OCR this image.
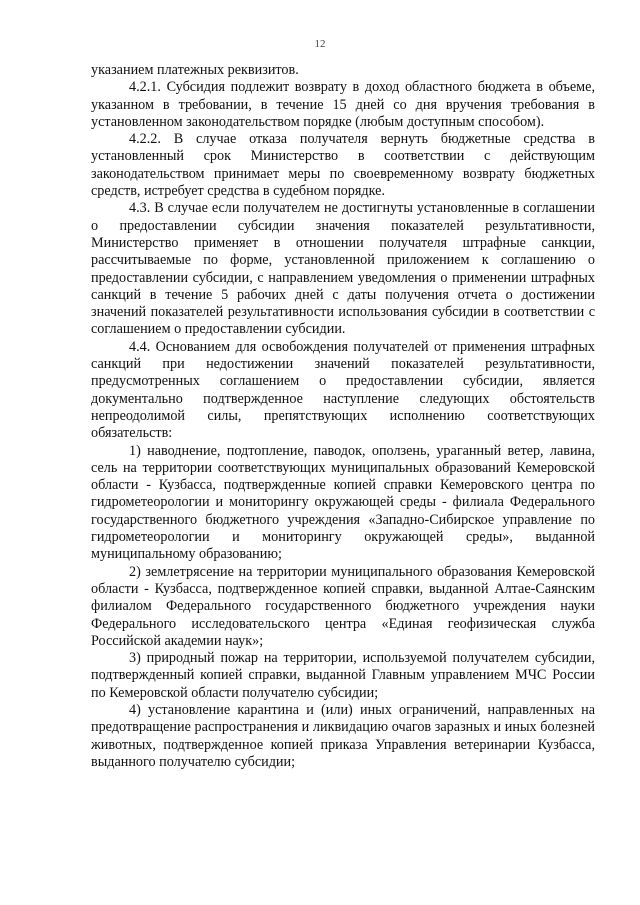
12

указанием платежных реквизитов.

4.2.1. Субсидия подлежит возврату в доход областного бюджета в объеме, указанном в требовании, в течение 15 дней со дня вручения требования в установленном законодательством порядке (любым доступным способом).

4.2.2. В случае отказа получателя вернуть бюджетные средства в установленный срок Министерство в соответствии с действующим законодательством принимает меры по своевременному возврату бюджетных средств, истребует средства в судебном порядке.

4.3. В случае если получателем не достигнуты установленные в соглашении о предоставлении субсидии значения показателей результативности, Министерство применяет в отношении получателя штрафные санкции, рассчитываемые по форме, установленной приложением к соглашению о предоставлении субсидии, с направлением уведомления о применении штрафных санкций в течение 5 рабочих дней с даты получения отчета о достижении значений показателей результативности использования субсидии в соответствии с соглашением о предоставлении субсидии.

4.4. Основанием для освобождения получателей от применения штрафных санкций при недостижении значений показателей результативности, предусмотренных соглашением о предоставлении субсидии, является документально подтвержденное наступление следующих обстоятельств непреодолимой силы, препятствующих исполнению соответствующих обязательств:

1) наводнение, подтопление, паводок, оползень, ураганный ветер, лавина, сель на территории соответствующих муниципальных образований Кемеровской области - Кузбасса, подтвержденные копией справки Кемеровского центра по гидрометеорологии и мониторингу окружающей среды - филиала Федерального государственного бюджетного учреждения «Западно-Сибирское управление по гидрометеорологии и мониторингу окружающей среды», выданной муниципальному образованию;

2) землетрясение на территории муниципального образования Кемеровской области - Кузбасса, подтвержденное копией справки, выданной Алтае-Саянским филиалом Федерального государственного бюджетного учреждения науки Федерального исследовательского центра «Единая геофизическая служба Российской академии наук»;

3) природный пожар на территории, используемой получателем субсидии, подтвержденный копией справки, выданной Главным управлением МЧС России по Кемеровской области получателю субсидии;

4) установление карантина и (или) иных ограничений, направленных на предотвращение распространения и ликвидацию очагов заразных и иных болезней животных, подтвержденное копией приказа Управления ветеринарии Кузбасса, выданного получателю субсидии;
